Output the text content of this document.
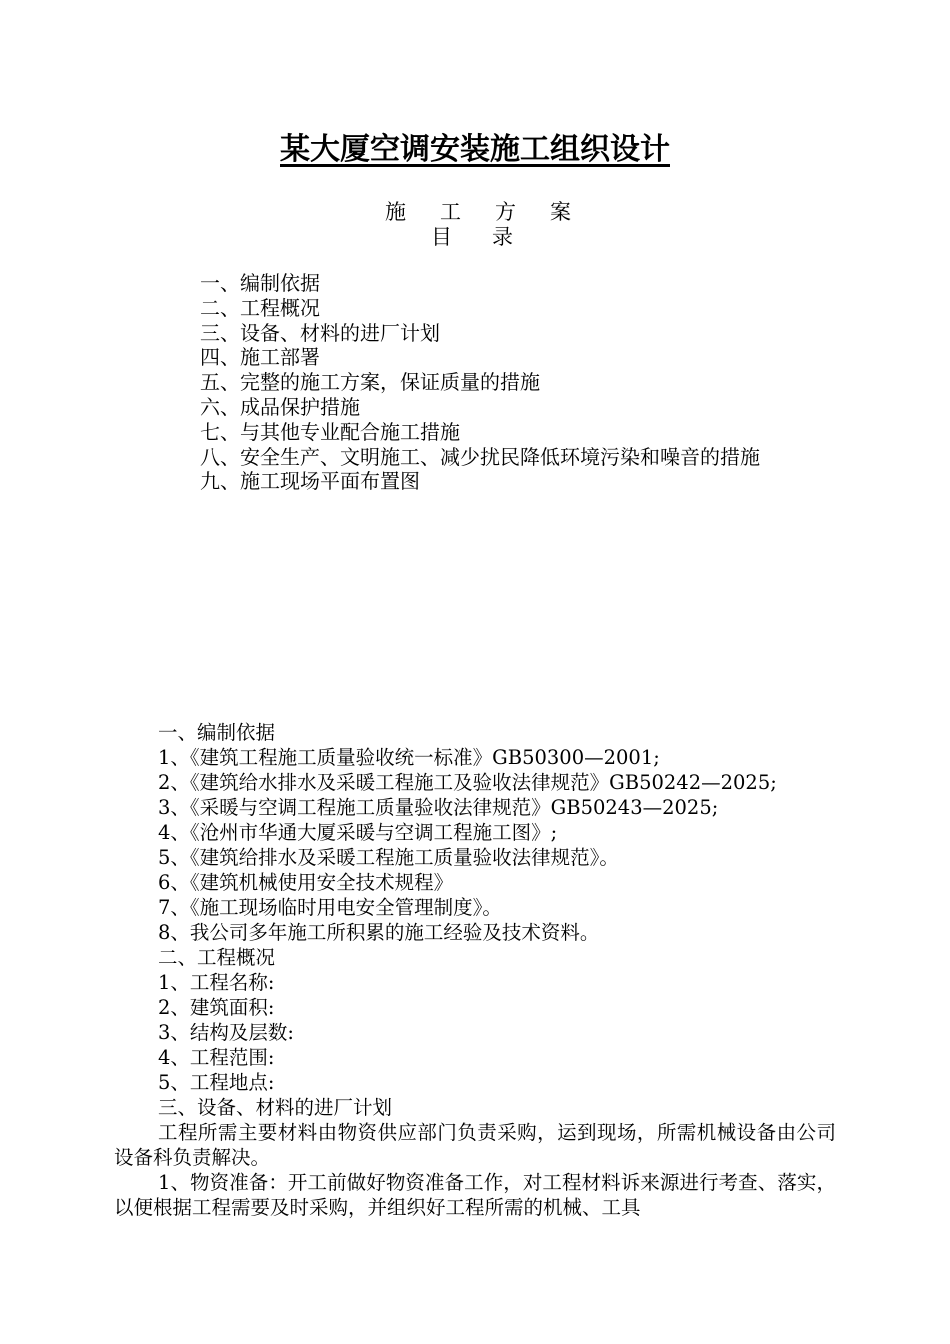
某大厦空调安装施工组织设计
施工方案
目录
一、编制依据
二、工程概况
三、设备、材料的进厂计划
四、施工部署
五、完整的施工方案，保证质量的措施
六、成品保护措施
七、与其他专业配合施工措施
八、安全生产、文明施工、减少扰民降低环境污染和噪音的措施
九、施工现场平面布置图
一、编制依据
1、《建筑工程施工质量验收统一标准》GB50300—2001;
2、《建筑给水排水及采暖工程施工及验收法律规范》GB50242—2025;
3、《采暖与空调工程施工质量验收法律规范》GB50243—2025;
4、《沧州市华通大厦采暖与空调工程施工图》;
5、《建筑给排水及采暖工程施工质量验收法律规范》。
6、《建筑机械使用安全技术规程》
7、《施工现场临时用电安全管理制度》。
8、我公司多年施工所积累的施工经验及技术资料。
二、工程概况
1、工程名称:
2、建筑面积:
3、结构及层数:
4、工程范围:
5、工程地点:
三、设备、材料的进厂计划
工程所需主要材料由物资供应部门负责采购，运到现场，所需机械设备由公司设备科负责解决。
1、物资准备：开工前做好物资准备工作，对工程材料诉来源进行考查、落实，以便根据工程需要及时采购，并组织好工程所需的机械、工具
